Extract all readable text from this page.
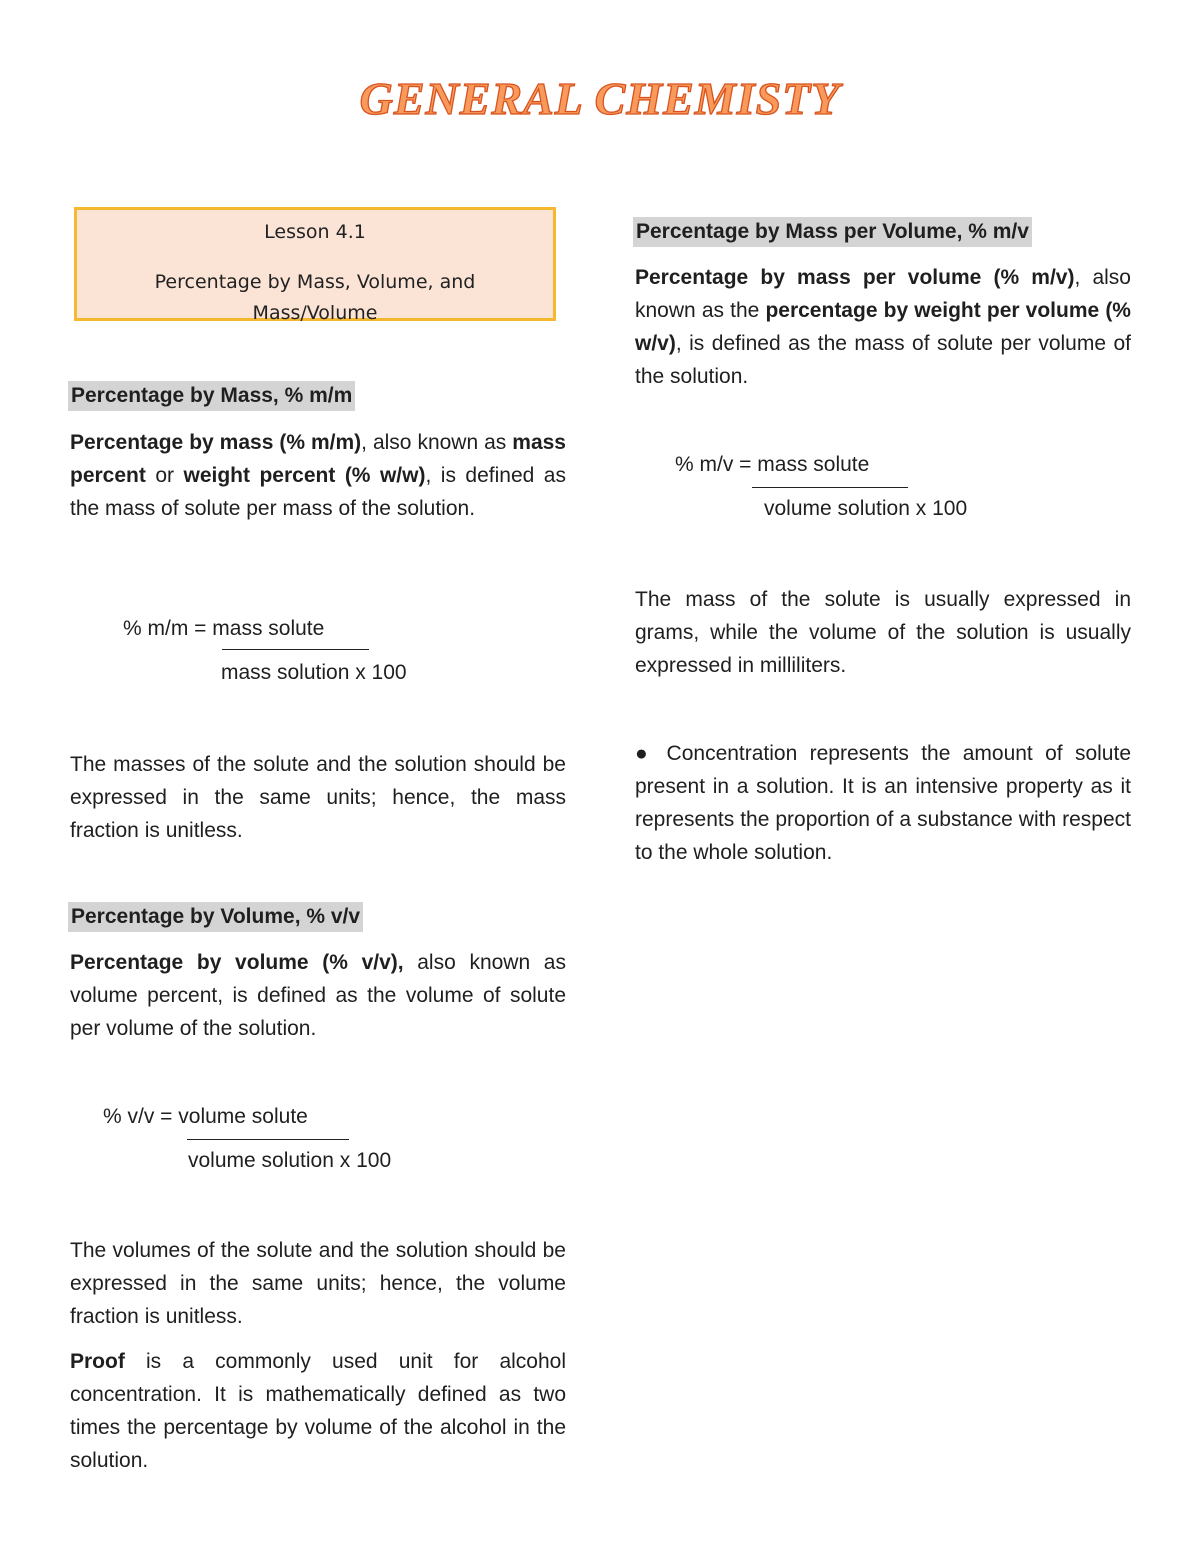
GENERAL CHEMISTY
Lesson 4.1
Percentage by Mass, Volume, and Mass/Volume
Percentage by Mass, % m/m
Percentage by mass (% m/m), also known as mass percent or weight percent (% w/w), is defined as the mass of solute per mass of the solution.
% m/m = mass solute
mass solution x 100
The masses of the solute and the solution should be expressed in the same units; hence, the mass fraction is unitless.
Percentage by Volume, % v/v
Percentage by volume (% v/v), also known as volume percent, is defined as the volume of solute per volume of the solution.
% v/v = volume solute
volume solution x 100
The volumes of the solute and the solution should be expressed in the same units; hence, the volume fraction is unitless.
Proof is a commonly used unit for alcohol concentration. It is mathematically defined as two times the percentage by volume of the alcohol in the solution.
Percentage by Mass per Volume, % m/v
Percentage by mass per volume (% m/v), also known as the percentage by weight per volume (% w/v), is defined as the mass of solute per volume of the solution.
% m/v = mass solute
volume solution x 100
The mass of the solute is usually expressed in grams, while the volume of the solution is usually expressed in milliliters.
● Concentration represents the amount of solute present in a solution. It is an intensive property as it represents the proportion of a substance with respect to the whole solution.
